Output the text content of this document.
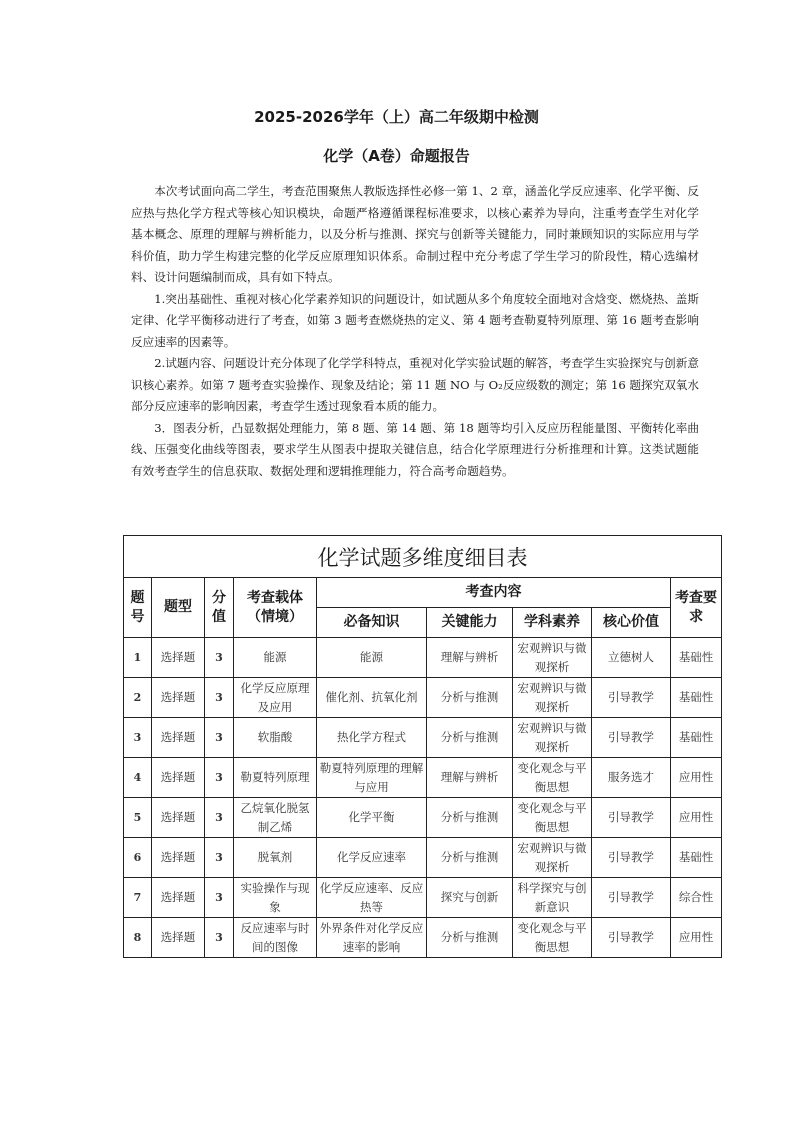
2025-2026学年（上）高二年级期中检测
化学（A卷）命题报告

本次考试面向高二学生，考查范围聚焦人教版选择性必修一第 1、2 章，涵盖化学反应速率、化学平衡、反应热与热化学方程式等核心知识模块，命题严格遵循课程标准要求，以核心素养为导向，注重考查学生对化学基本概念、原理的理解与辨析能力，以及分析与推测、探究与创新等关键能力，同时兼顾知识的实际应用与学科价值，助力学生构建完整的化学反应原理知识体系。命制过程中充分考虑了学生学习的阶段性，精心选编材料、设计问题编制而成，具有如下特点。

1.突出基础性、重视对核心化学素养知识的问题设计，如试题从多个角度较全面地对含焓变、燃烧热、盖斯定律、化学平衡移动进行了考查，如第 3 题考查燃烧热的定义、第 4 题考查勒夏特列原理、第 16 题考查影响反应速率的因素等。

2.试题内容、问题设计充分体现了化学学科特点，重视对化学实验试题的解答，考查学生实验探究与创新意识核心素养。如第 7 题考查实验操作、现象及结论；第 11 题 NO 与 O₂反应级数的测定；第 16 题探究双氧水部分反应速率的影响因素，考查学生透过现象看本质的能力。

3．图表分析，凸显数据处理能力，第 8 题、第 14 题、第 18 题等均引入反应历程能量图、平衡转化率曲线、压强变化曲线等图表，要求学生从图表中提取关键信息，结合化学原理进行分析推理和计算。这类试题能有效考查学生的信息获取、数据处理和逻辑推理能力，符合高考命题趋势。

化学试题多维度细目表
题号	题型	分值	考查载体（情境）	考查内容	考查要求
必备知识	关键能力	学科素养	核心价值
1	选择题	3	能源	能源	理解与辨析	宏观辨识与微观探析	立德树人	基础性
2	选择题	3	化学反应原理及应用	催化剂、抗氧化剂	分析与推测	宏观辨识与微观探析	引导教学	基础性
3	选择题	3	软脂酸	热化学方程式	分析与推测	宏观辨识与微观探析	引导教学	基础性
4	选择题	3	勒夏特列原理	勒夏特列原理的理解与应用	理解与辨析	变化观念与平衡思想	服务选才	应用性
5	选择题	3	乙烷氧化脱氢制乙烯	化学平衡	分析与推测	变化观念与平衡思想	引导教学	应用性
6	选择题	3	脱氧剂	化学反应速率	分析与推测	宏观辨识与微观探析	引导教学	基础性
7	选择题	3	实验操作与现象	化学反应速率、反应热等	探究与创新	科学探究与创新意识	引导教学	综合性
8	选择题	3	反应速率与时间的图像	外界条件对化学反应速率的影响	分析与推测	变化观念与平衡思想	引导教学	应用性
